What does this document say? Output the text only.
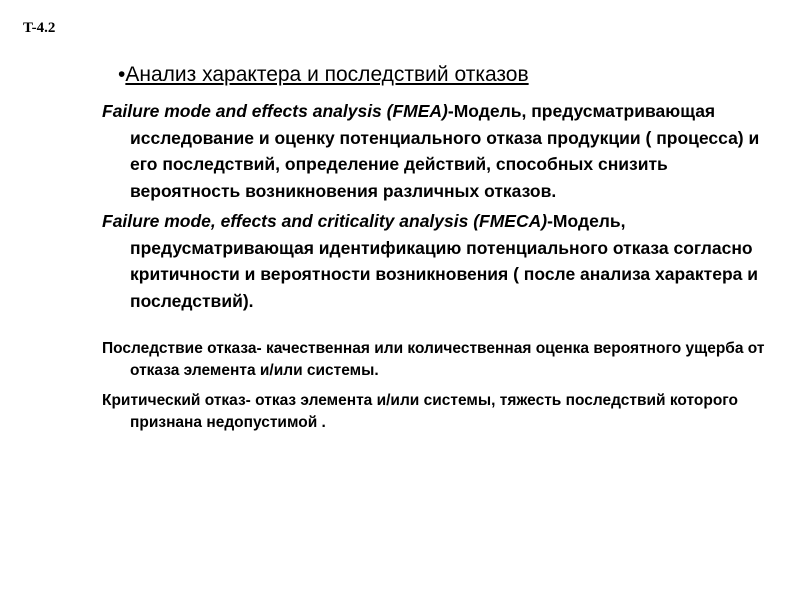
T-4.2
•Анализ характера и последствий отказов

Failure mode and effects analysis (FMEA)-Модель, предусматривающая исследование и оценку потенциального отказа продукции ( процесса) и его последствий, определение действий, способных снизить вероятность возникновения различных отказов.

Failure mode, effects and criticality analysis (FMECA)-Модель, предусматривающая идентификацию потенциального отказа согласно критичности и вероятности возникновения ( после анализа характера и последствий).

Последствие отказа- качественная или количественная оценка вероятного ущерба от отказа элемента и/или системы.

Критический отказ- отказ элемента и/или системы, тяжесть последствий которого признана недопустимой .
